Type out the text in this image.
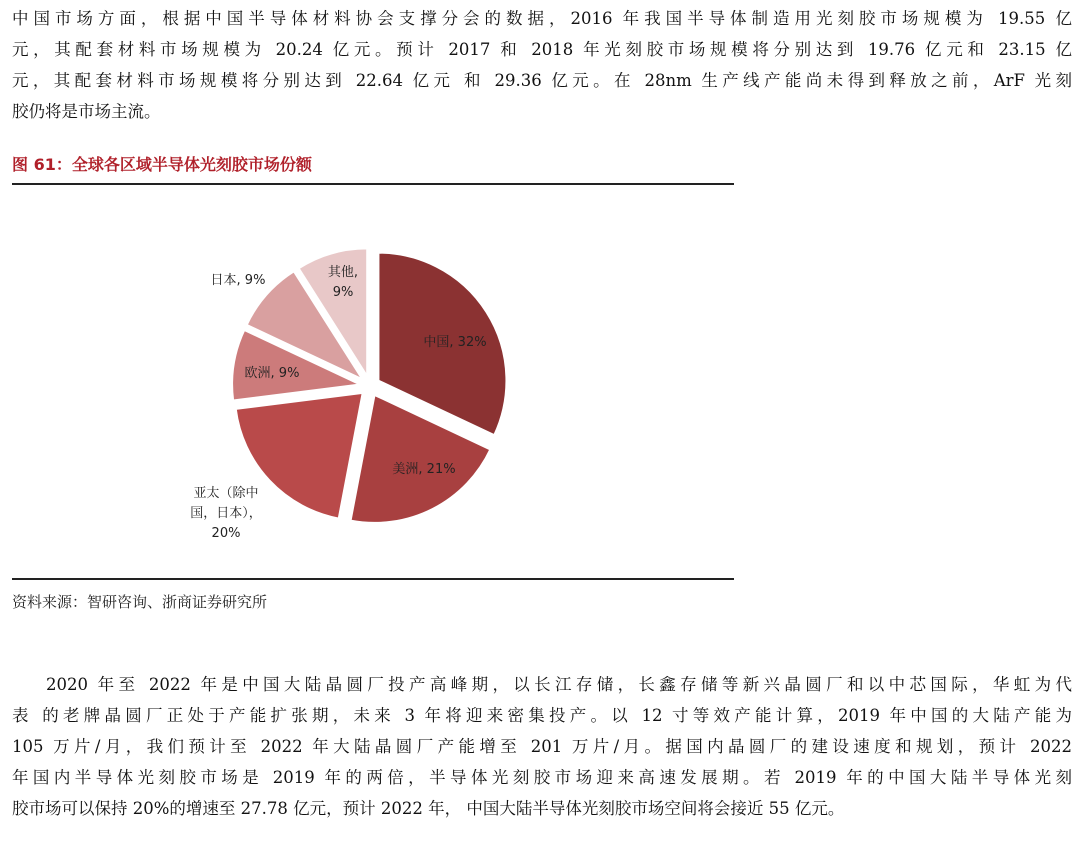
中国市场方面，根据中国半导体材料协会支撑分会的数据，2016 年我国半导体制造用光刻胶市场规模为 19.55 亿
元，其配套材料市场规模为 20.24 亿元。预计 2017 和 2018 年光刻胶市场规模将分别达到 19.76 亿元和 23.15 亿
元，其配套材料市场规模将分别达到 22.64 亿元 和 29.36 亿元。在 28nm 生产线产能尚未得到释放之前，ArF 光刻
胶仍将是市场主流。
图 61：全球各区域半导体光刻胶市场份额
中国, 32%
美洲, 21%
亚太（除中国，日本）， 20%
欧洲, 9%
日本, 9%
其他, 9%
资料来源：智研咨询、浙商证券研究所
2020 年至 2022 年是中国大陆晶圆厂投产高峰期，以长江存储，长鑫存储等新兴晶圆厂和以中芯国际，华虹为代
表 的老牌晶圆厂正处于产能扩张期，未来 3 年将迎来密集投产。以 12 寸等效产能计算，2019 年中国的大陆产能为
105 万片/月，我们预计至 2022 年大陆晶圆厂产能增至 201 万片/月。据国内晶圆厂的建设速度和规划，预计 2022
年国内半导体光刻胶市场是 2019 年的两倍，半导体光刻胶市场迎来高速发展期。若 2019 年的中国大陆半导体光刻
胶市场可以保持 20%的增速至 27.78 亿元，预计 2022 年， 中国大陆半导体光刻胶市场空间将会接近 55 亿元。
